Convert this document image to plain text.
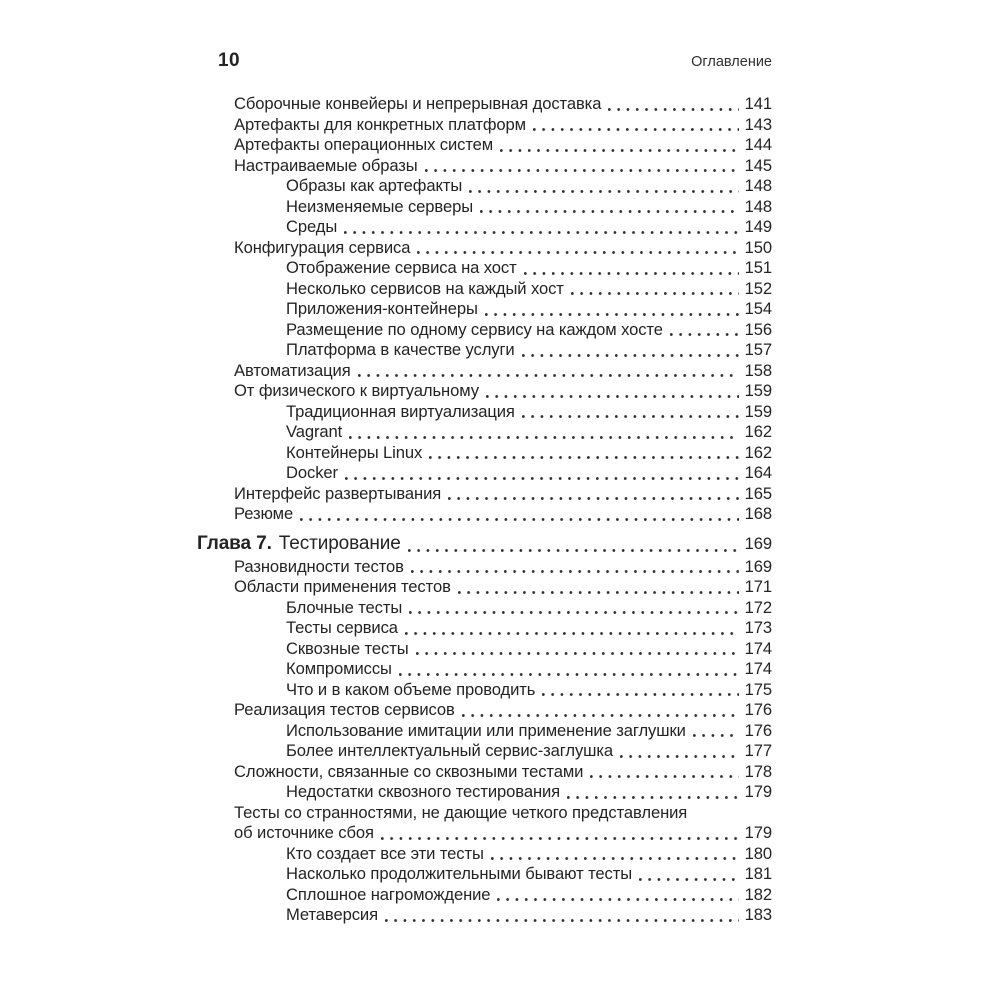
10	Оглавление
Сборочные конвейеры и непрерывная доставка	141
Артефакты для конкретных платформ	143
Артефакты операционных систем	144
Настраиваемые образы	145
Образы как артефакты	148
Неизменяемые серверы	148
Среды	149
Конфигурация сервиса	150
Отображение сервиса на хост	151
Несколько сервисов на каждый хост	152
Приложения-контейнеры	154
Размещение по одному сервису на каждом хосте	156
Платформа в качестве услуги	157
Автоматизация	158
От физического к виртуальному	159
Традиционная виртуализация	159
Vagrant	162
Контейнеры Linux	162
Docker	164
Интерфейс развертывания	165
Резюме	168
Глава 7. Тестирование	169
Разновидности тестов	169
Области применения тестов	171
Блочные тесты	172
Тесты сервиса	173
Сквозные тесты	174
Компромиссы	174
Что и в каком объеме проводить	175
Реализация тестов сервисов	176
Использование имитации или применение заглушки	176
Более интеллектуальный сервис-заглушка	177
Сложности, связанные со сквозными тестами	178
Недостатки сквозного тестирования	179
Тесты со странностями, не дающие четкого представления
об источнике сбоя	179
Кто создает все эти тесты	180
Насколько продолжительными бывают тесты	181
Сплошное нагромождение	182
Метаверсия	183
